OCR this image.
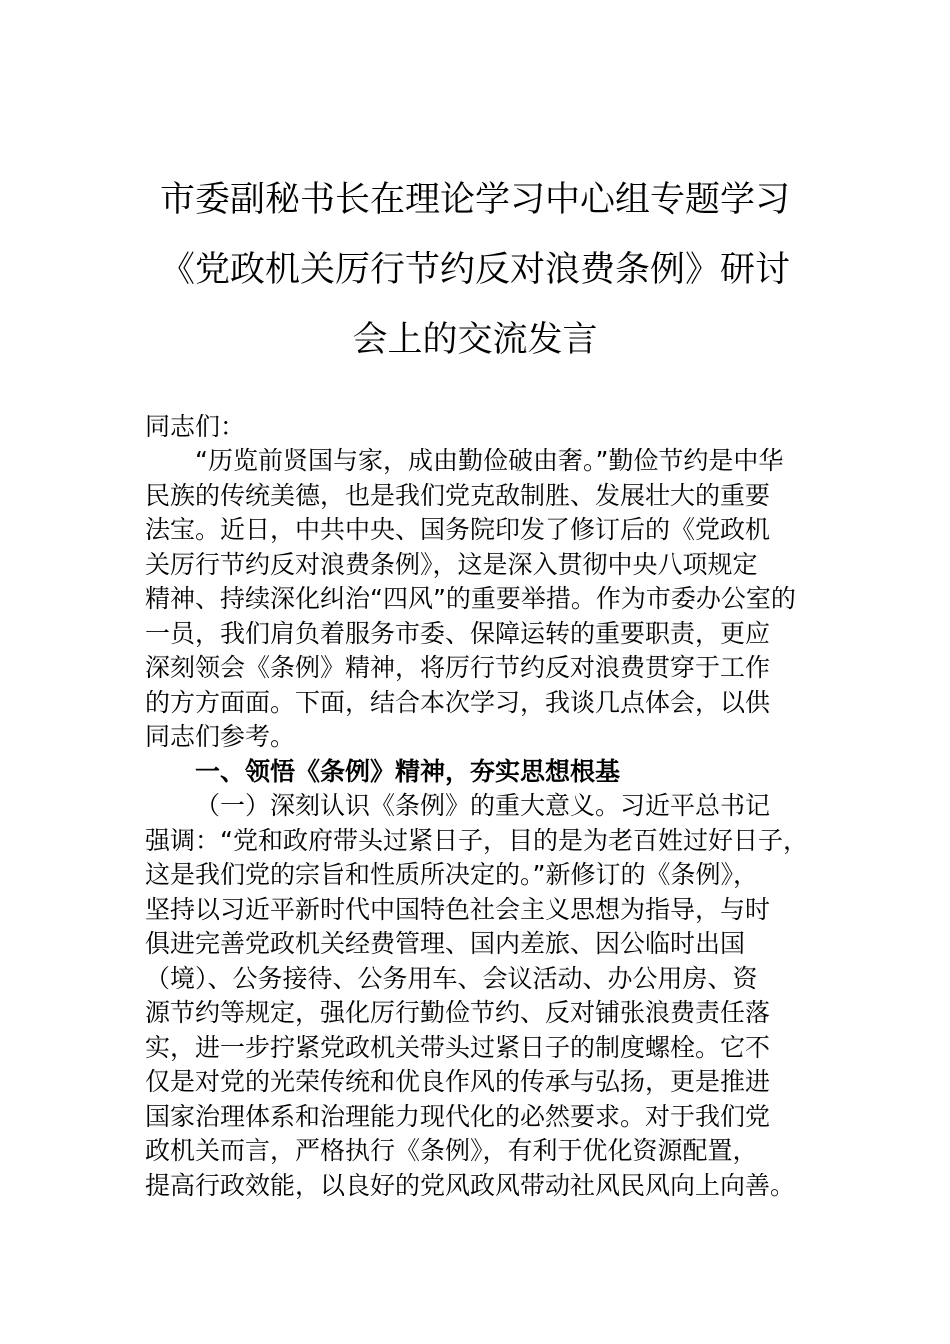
市委副秘书长在理论学习中心组专题学习
《党政机关厉行节约反对浪费条例》研讨
会上的交流发言
同志们：
“历览前贤国与家，成由勤俭破由奢。”勤俭节约是中华
民族的传统美德，也是我们党克敌制胜、发展壮大的重要
法宝。近日，中共中央、国务院印发了修订后的《党政机
关厉行节约反对浪费条例》，这是深入贯彻中央八项规定
精神、持续深化纠治“四风”的重要举措。作为市委办公室的
一员，我们肩负着服务市委、保障运转的重要职责，更应
深刻领会《条例》精神，将厉行节约反对浪费贯穿于工作
的方方面面。下面，结合本次学习，我谈几点体会，以供
同志们参考。
一、领悟《条例》精神，夯实思想根基
（一）深刻认识《条例》的重大意义。习近平总书记
强调：“党和政府带头过紧日子，目的是为老百姓过好日子，
这是我们党的宗旨和性质所决定的。”新修订的《条例》，
坚持以习近平新时代中国特色社会主义思想为指导，与时
俱进完善党政机关经费管理、国内差旅、因公临时出国
（境）、公务接待、公务用车、会议活动、办公用房、资
源节约等规定，强化厉行勤俭节约、反对铺张浪费责任落
实，进一步拧紧党政机关带头过紧日子的制度螺栓。它不
仅是对党的光荣传统和优良作风的传承与弘扬，更是推进
国家治理体系和治理能力现代化的必然要求。对于我们党
政机关而言，严格执行《条例》，有利于优化资源配置，
提高行政效能，以良好的党风政风带动社风民风向上向善。
